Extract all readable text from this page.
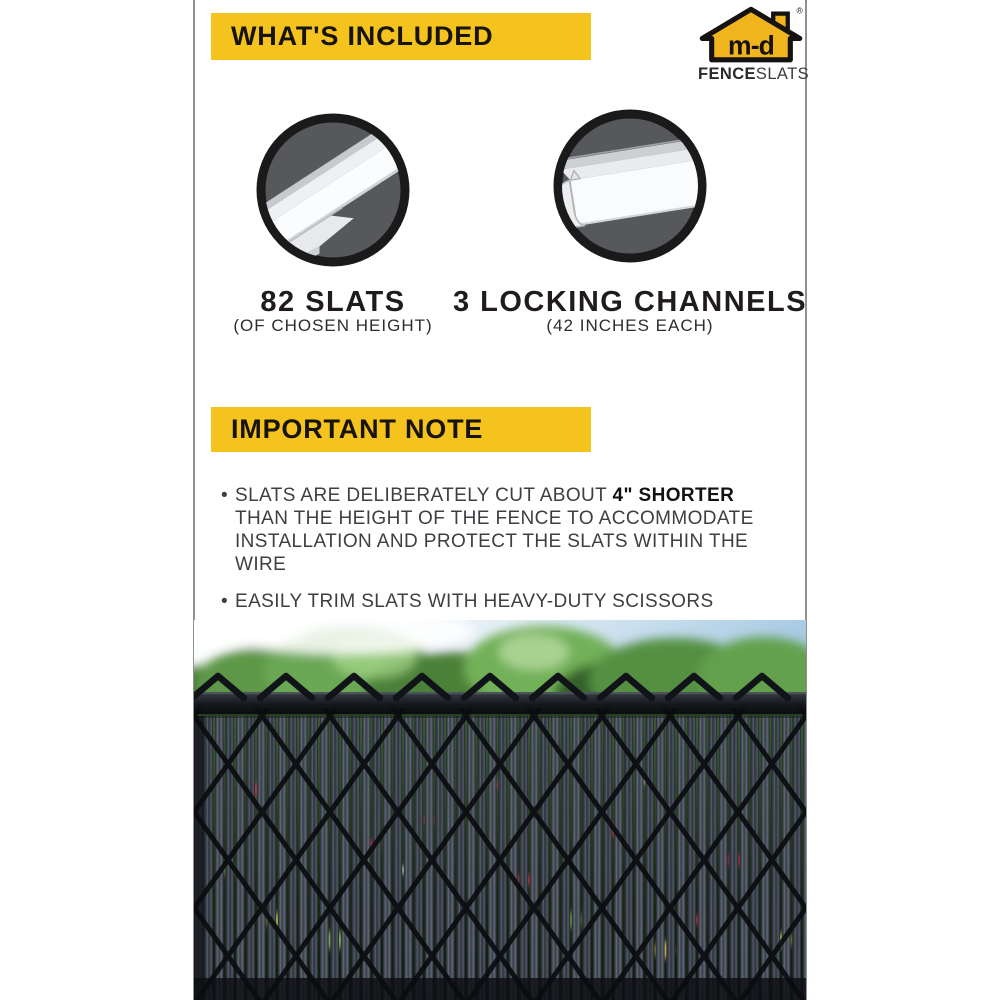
WHAT'S INCLUDED	m-d
®
FENCESLATS
82 SLATS
(OF CHOSEN HEIGHT)
3 LOCKING CHANNELS
(42 INCHES EACH)
IMPORTANT NOTE
• SLATS ARE DELIBERATELY CUT ABOUT 4" SHORTER THAN THE HEIGHT OF THE FENCE TO ACCOMMODATE INSTALLATION AND PROTECT THE SLATS WITHIN THE WIRE

• EASILY TRIM SLATS WITH HEAVY-DUTY SCISSORS
